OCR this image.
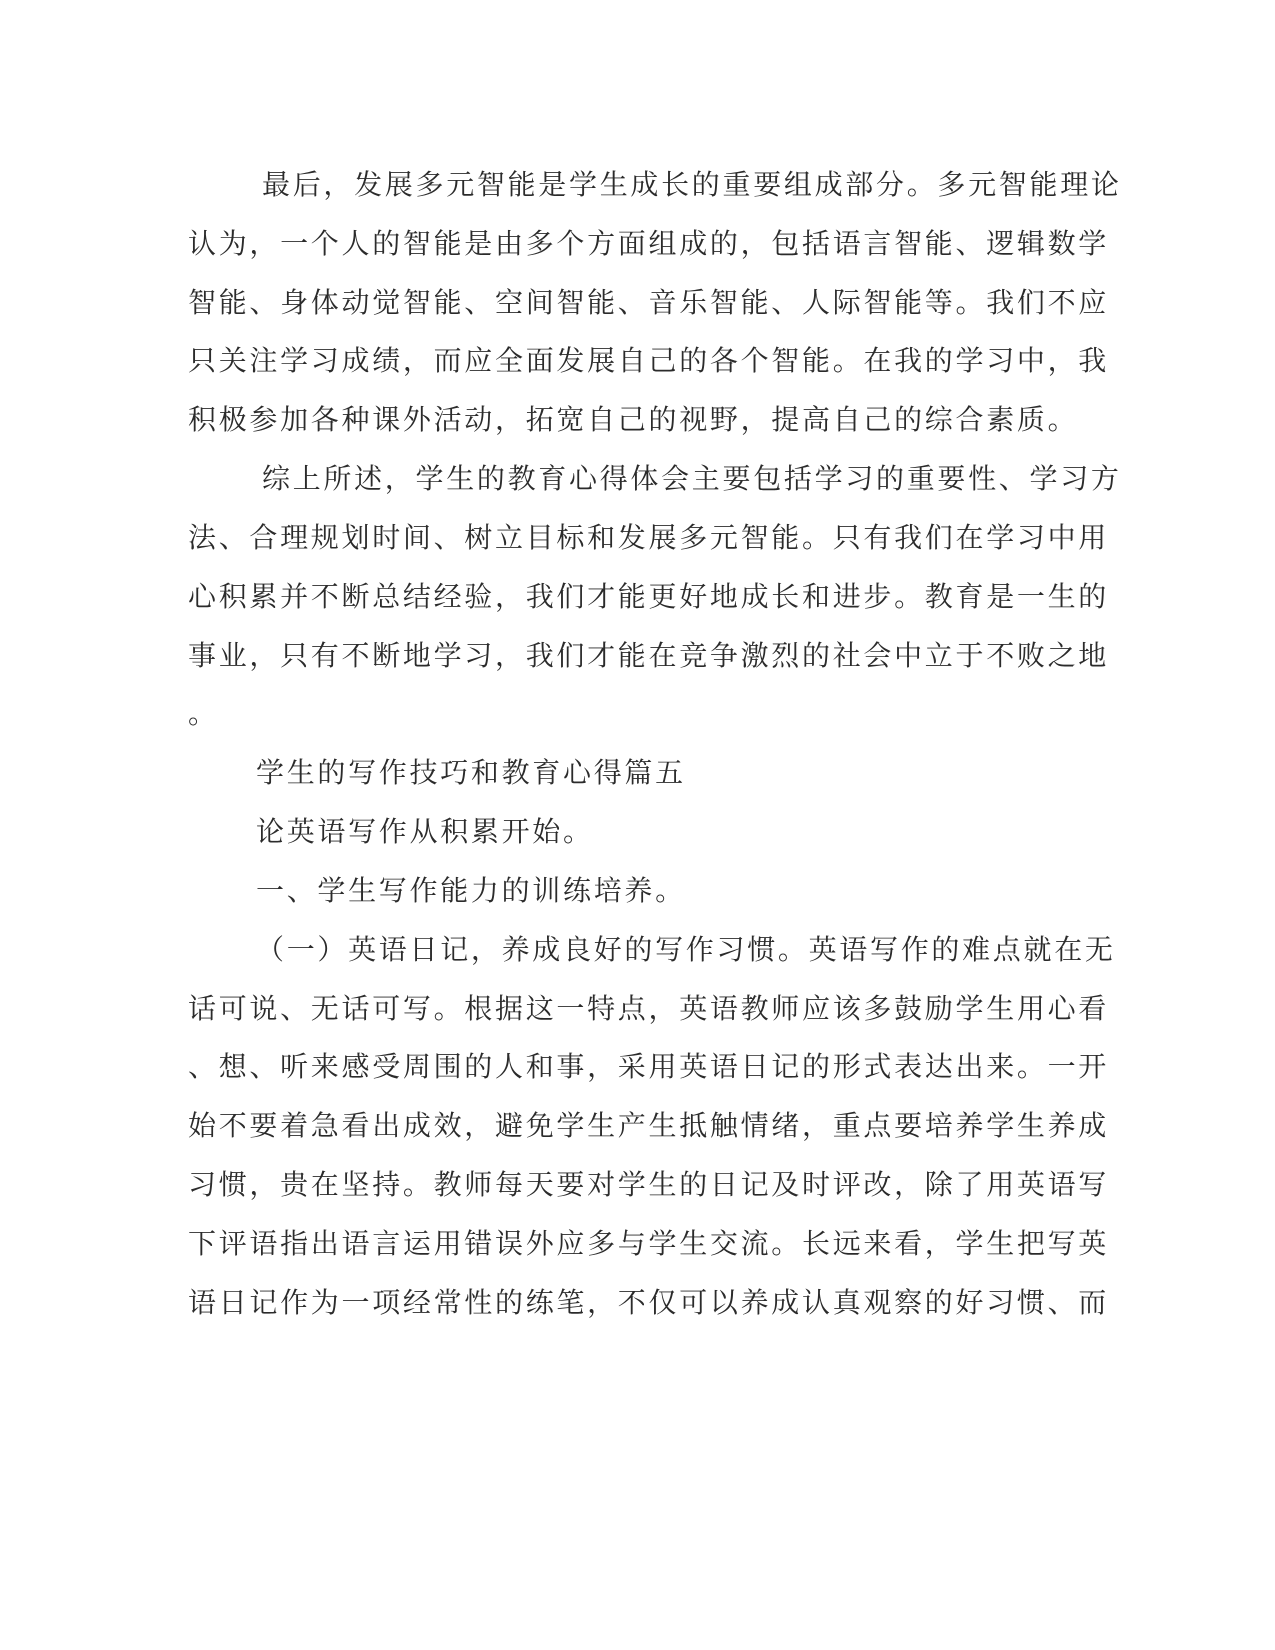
最后，发展多元智能是学生成长的重要组成部分。多元智能理论
认为，一个人的智能是由多个方面组成的，包括语言智能、逻辑数学
智能、身体动觉智能、空间智能、音乐智能、人际智能等。我们不应
只关注学习成绩，而应全面发展自己的各个智能。在我的学习中，我
积极参加各种课外活动，拓宽自己的视野，提高自己的综合素质。
综上所述，学生的教育心得体会主要包括学习的重要性、学习方
法、合理规划时间、树立目标和发展多元智能。只有我们在学习中用
心积累并不断总结经验，我们才能更好地成长和进步。教育是一生的
事业，只有不断地学习，我们才能在竞争激烈的社会中立于不败之地
。
学生的写作技巧和教育心得篇五
论英语写作从积累开始。
一、学生写作能力的训练培养。
（一）英语日记，养成良好的写作习惯。英语写作的难点就在无
话可说、无话可写。根据这一特点，英语教师应该多鼓励学生用心看
、想、听来感受周围的人和事，采用英语日记的形式表达出来。一开
始不要着急看出成效，避免学生产生抵触情绪，重点要培养学生养成
习惯，贵在坚持。教师每天要对学生的日记及时评改，除了用英语写
下评语指出语言运用错误外应多与学生交流。长远来看，学生把写英
语日记作为一项经常性的练笔，不仅可以养成认真观察的好习惯、而
